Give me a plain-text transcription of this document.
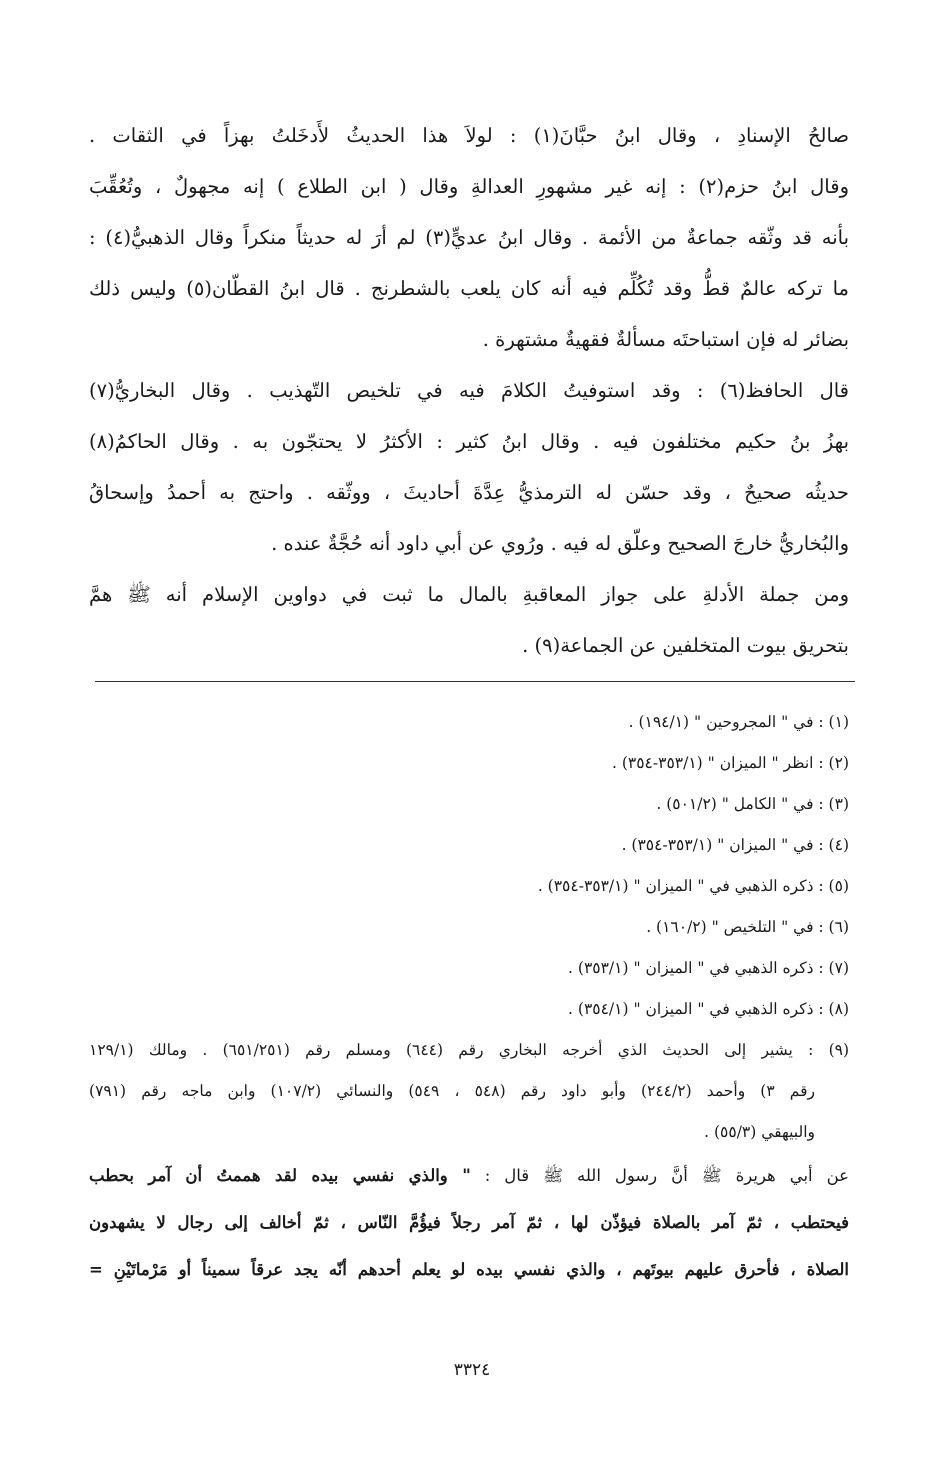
صالحُ الإسنادِ ، وقال ابنُ حبَّانَ(١) : لولاَ هذا الحديثُ لأَدخَلتُ بهزاً في الثقات .
وقال ابنُ حزم(٢) : إنه غير مشهورِ العدالةِ وقال ( ابن الطلاع ) إنه مجهولٌ ، وتُعُقِّبَ
بأنه قد وثّقه جماعةٌ من الأئمة . وقال ابنُ عديٍّ(٣) لم أرَ له حديثاً منكراً وقال الذهبيُّ(٤) :
ما تركه عالمٌ قطُّ وقد تُكُلِّم فيه أنه كان يلعب بالشطرنج . قال ابنُ القطّان(٥) وليس ذلك
بضائر له فإن استباحتَه مسألةٌ فقهيةٌ مشتهرة .
قال الحافظ(٦) : وقد استوفيتُ الكلامَ فيه في تلخيص التّهذيب . وقال البخاريُّ(٧)
بهزُ بنُ حكيم مختلفون فيه . وقال ابنُ كثير : الأكثرُ لا يحتجّون به . وقال الحاكمُ(٨)
حديثُه صحيحٌ ، وقد حسّن له الترمذيُّ عِدَّةَ أحاديثَ ، ووثّقه . واحتج به أحمدُ وإسحاقُ
والبُخاريُّ خارجَ الصحيح وعلّق له فيه . ورُوي عن أبي داود أنه حُجَّةٌ عنده .
ومن جملة الأدلةِ على جواز المعاقبةِ بالمال ما ثبت في دواوين الإسلام أنه ﷺ همَّ
بتحريق بيوت المتخلفين عن الجماعة(٩) .
(١) : في " المجروحين " (١٩٤/١) .
(٢) : انظر " الميزان " (٣٥٣/١-٣٥٤) .
(٣) : في " الكامل " (٥٠١/٢) .
(٤) : في " الميزان " (٣٥٣/١-٣٥٤) .
(٥) : ذكره الذهبي في " الميزان " (٣٥٣/١-٣٥٤) .
(٦) : في " التلخيص " (١٦٠/٢) .
(٧) : ذكره الذهبي في " الميزان " (٣٥٣/١) .
(٨) : ذكره الذهبي في " الميزان " (٣٥٤/١) .
(٩) : يشير إلى الحديث الذي أخرجه البخاري رقم (٦٤٤) ومسلم رقم (٦٥١/٢٥١) . ومالك (١٢٩/١
رقم ٣) وأحمد (٢٤٤/٢) وأبو داود رقم (٥٤٨ ، ٥٤٩) والنسائي (١٠٧/٢) وابن ماجه رقم (٧٩١)
والبيهقي (٥٥/٣) .
عن أبي هريرة ﷺ أنَّ رسول الله ﷺ قال : " والذي نفسي بيده لقد هممتُ أن آمر بحطب
فيحتطب ، ثمّ آمر بالصلاة فيؤذّن لها ، ثمّ آمر رجلاً فيؤُمَّ النّاس ، ثمّ أخالف إلى رجال لا يشهدون
الصلاة ، فأحرق عليهم بيوتَهم ، والذي نفسي بيده لو يعلم أحدهم أنّه يجد عرقاً سميناً أو مَرْماتَيْنِ =
٣٣٢٤
